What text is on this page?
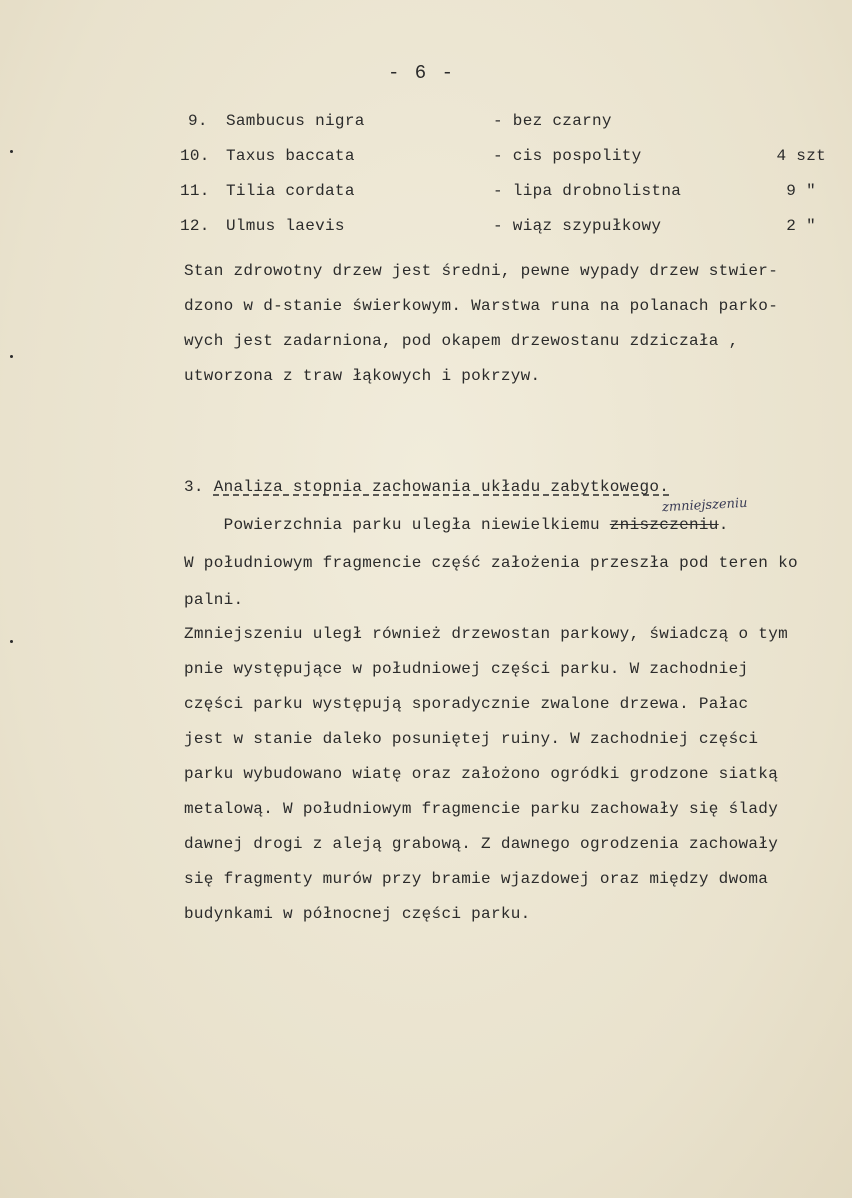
- 6 -
9. Sambucus nigra	- bez czarny
10. Taxus baccata	- cis pospolity	4 szt
11. Tilia cordata	- lipa drobnolistna	9 "
12. Ulmus laevis	- wiąz szypułkowy	2 "
Stan zdrowotny drzew jest średni, pewne wypady drzew stwier-
dzono w d-stanie świerkowym. Warstwa runa na polanach parko-
wych jest zadarniona, pod okapem drzewostanu zdziczała ,
utworzona z traw łąkowych i pokrzyw.
3. Analiza stopnia zachowania układu zabytkowego.
zmniejszeniu
Powierzchnia parku uległa niewielkiemu zniszczeniu.
W południowym fragmencie część założenia przeszła pod teren ko
palni.
Zmniejszeniu uległ również drzewostan parkowy, świadczą o tym
pnie występujące w południowej części parku. W zachodniej
części parku występują sporadycznie zwalone drzewa. Pałac
jest w stanie daleko posuniętej ruiny. W zachodniej części
parku wybudowano wiatę oraz założono ogródki grodzone siatką
metalową. W południowym fragmencie parku zachowały się ślady
dawnej drogi z aleją grabową. Z dawnego ogrodzenia zachowały
się fragmenty murów przy bramie wjazdowej oraz między dwoma
budynkami w północnej części parku.
